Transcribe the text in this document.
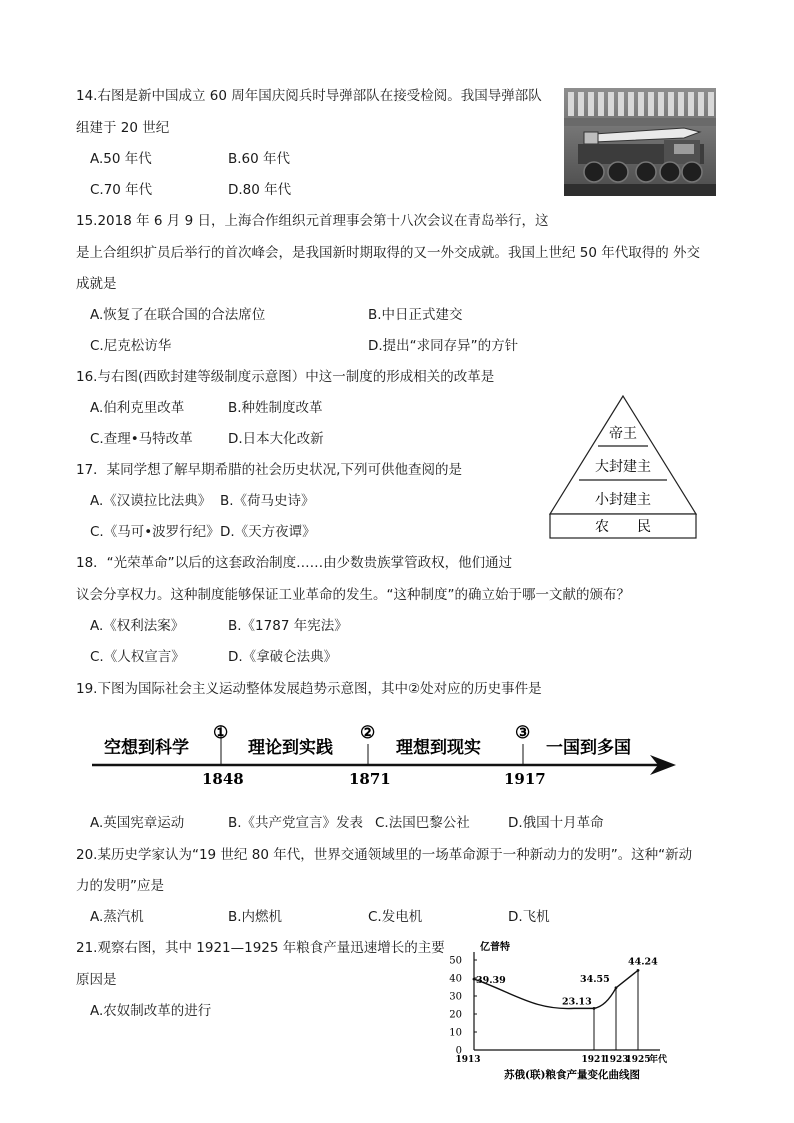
14.右图是新中国成立 60 周年国庆阅兵时导弹部队在接受检阅。我国导弹部队
组建于 20 世纪
A.50 年代	B.60 年代
C.70 年代	D.80 年代
15.2018 年 6 月 9 日，上海合作组织元首理事会第十八次会议在青岛举行，这
是上合组织扩员后举行的首次峰会，是我国新时期取得的又一外交成就。我国上世纪 50 年代取得的 外交
成就是
A.恢复了在联合国的合法席位	B.中日正式建交
C.尼克松访华	D.提出“求同存异”的方针
16.与右图(西欧封建等级制度示意图）中这一制度的形成相关的改革是
A.伯利克里改革	B.种姓制度改革
C.查理•马特改革	D.日本大化改新	帝王
大封建主
小封建主
农　　民
17．某同学想了解早期希腊的社会历史状况,下列可供他查阅的是
A.《汉谟拉比法典》 B.《荷马史诗》
C.《马可•波罗行纪》 D.《天方夜谭》
18．“光荣革命”以后的这套政治制度……由少数贵族掌管政权，他们通过
议会分享权力。这种制度能够保证工业革命的发生。“这种制度”的确立始于哪一文献的颁布？
A.《权利法案》	B.《1787 年宪法》
C.《人权宣言》	D.《拿破仑法典》
19.下图为国际社会主义运动整体发展趋势示意图，其中②处对应的历史事件是
空想到科学	理论到实践	理想到现实	一国到多国
①	②	③
1848	1871	1917
A.英国宪章运动	B.《共产党宣言》发表 C.法国巴黎公社	D.俄国十月革命
20.某历史学家认为“19 世纪 80 年代，世界交通领域里的一场革命源于一种新动力的发明”。这种“新动
力的发明”应是
A.蒸汽机	B.内燃机	C.发电机	D.飞机
21.观察右图，其中 1921—1925 年粮食产量迅速增长的主要
原因是
A.农奴制改革的进行
亿普特
0
10
20
30
40
50
1913	1921
1923
1925
年代
39.39
23.13
34.55
44.24
苏俄(联)粮食产量变化曲线图
